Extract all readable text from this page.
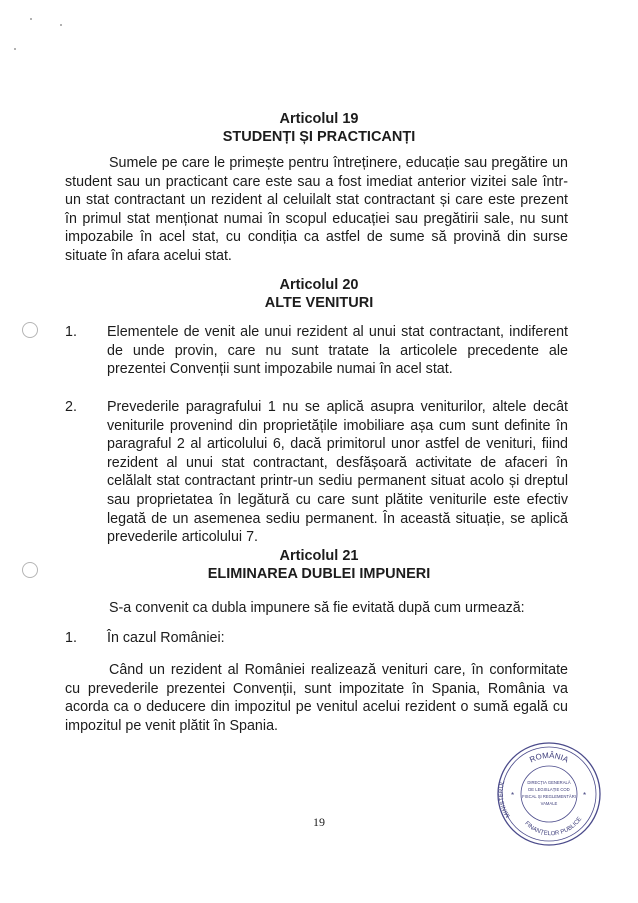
Articolul 19
STUDENȚI ȘI PRACTICANȚI

Sumele pe care le primește pentru întreținere, educație sau pregătire un student sau un practicant care este sau a fost imediat anterior vizitei sale într-un stat contractant un rezident al celuilalt stat contractant și care este prezent în primul stat menționat numai în scopul educației sau pregătirii sale, nu sunt impozabile în acel stat, cu condiția ca astfel de sume să provină din surse situate în afara acelui stat.

Articolul 20
ALTE VENITURI
1.	Elementele de venit ale unui rezident al unui stat contractant, indiferent de unde provin, care nu sunt tratate la articolele precedente ale prezentei Convenții sunt impozabile numai în acel stat.
2.	Prevederile paragrafului 1 nu se aplică asupra veniturilor, altele decât veniturile provenind din proprietățile imobiliare așa cum sunt definite în paragraful 2 al articolului 6, dacă primitorul unor astfel de venituri, fiind rezident al unui stat contractant, desfășoară activitate de afaceri în celălalt stat contractant printr-un sediu permanent situat acolo și dreptul sau proprietatea în legătură cu care sunt plătite veniturile este efectiv legată de un asemenea sediu permanent. În această situație, se aplică prevederile articolului 7.
Articolul 21
ELIMINAREA DUBLEI IMPUNERI

S-a convenit ca dubla impunere să fie evitată după cum urmează:

1.	În cazul României:

Când un rezident al României realizează venituri care, în conformitate cu prevederile prezentei Convenții, sunt impozitate în Spania, România va acorda ca o deducere din impozitul pe venitul acelui rezident o sumă egală cu impozitul pe venit plătit în Spania.

19
ROMÂNIA
MINISTERUL
FINANȚELOR PUBLICE
*	*
DIRECȚIA GENERALĂ
DE LEGISLAȚIE COD
FISCAL ȘI REGLEMENTĂRI
VAMALE
